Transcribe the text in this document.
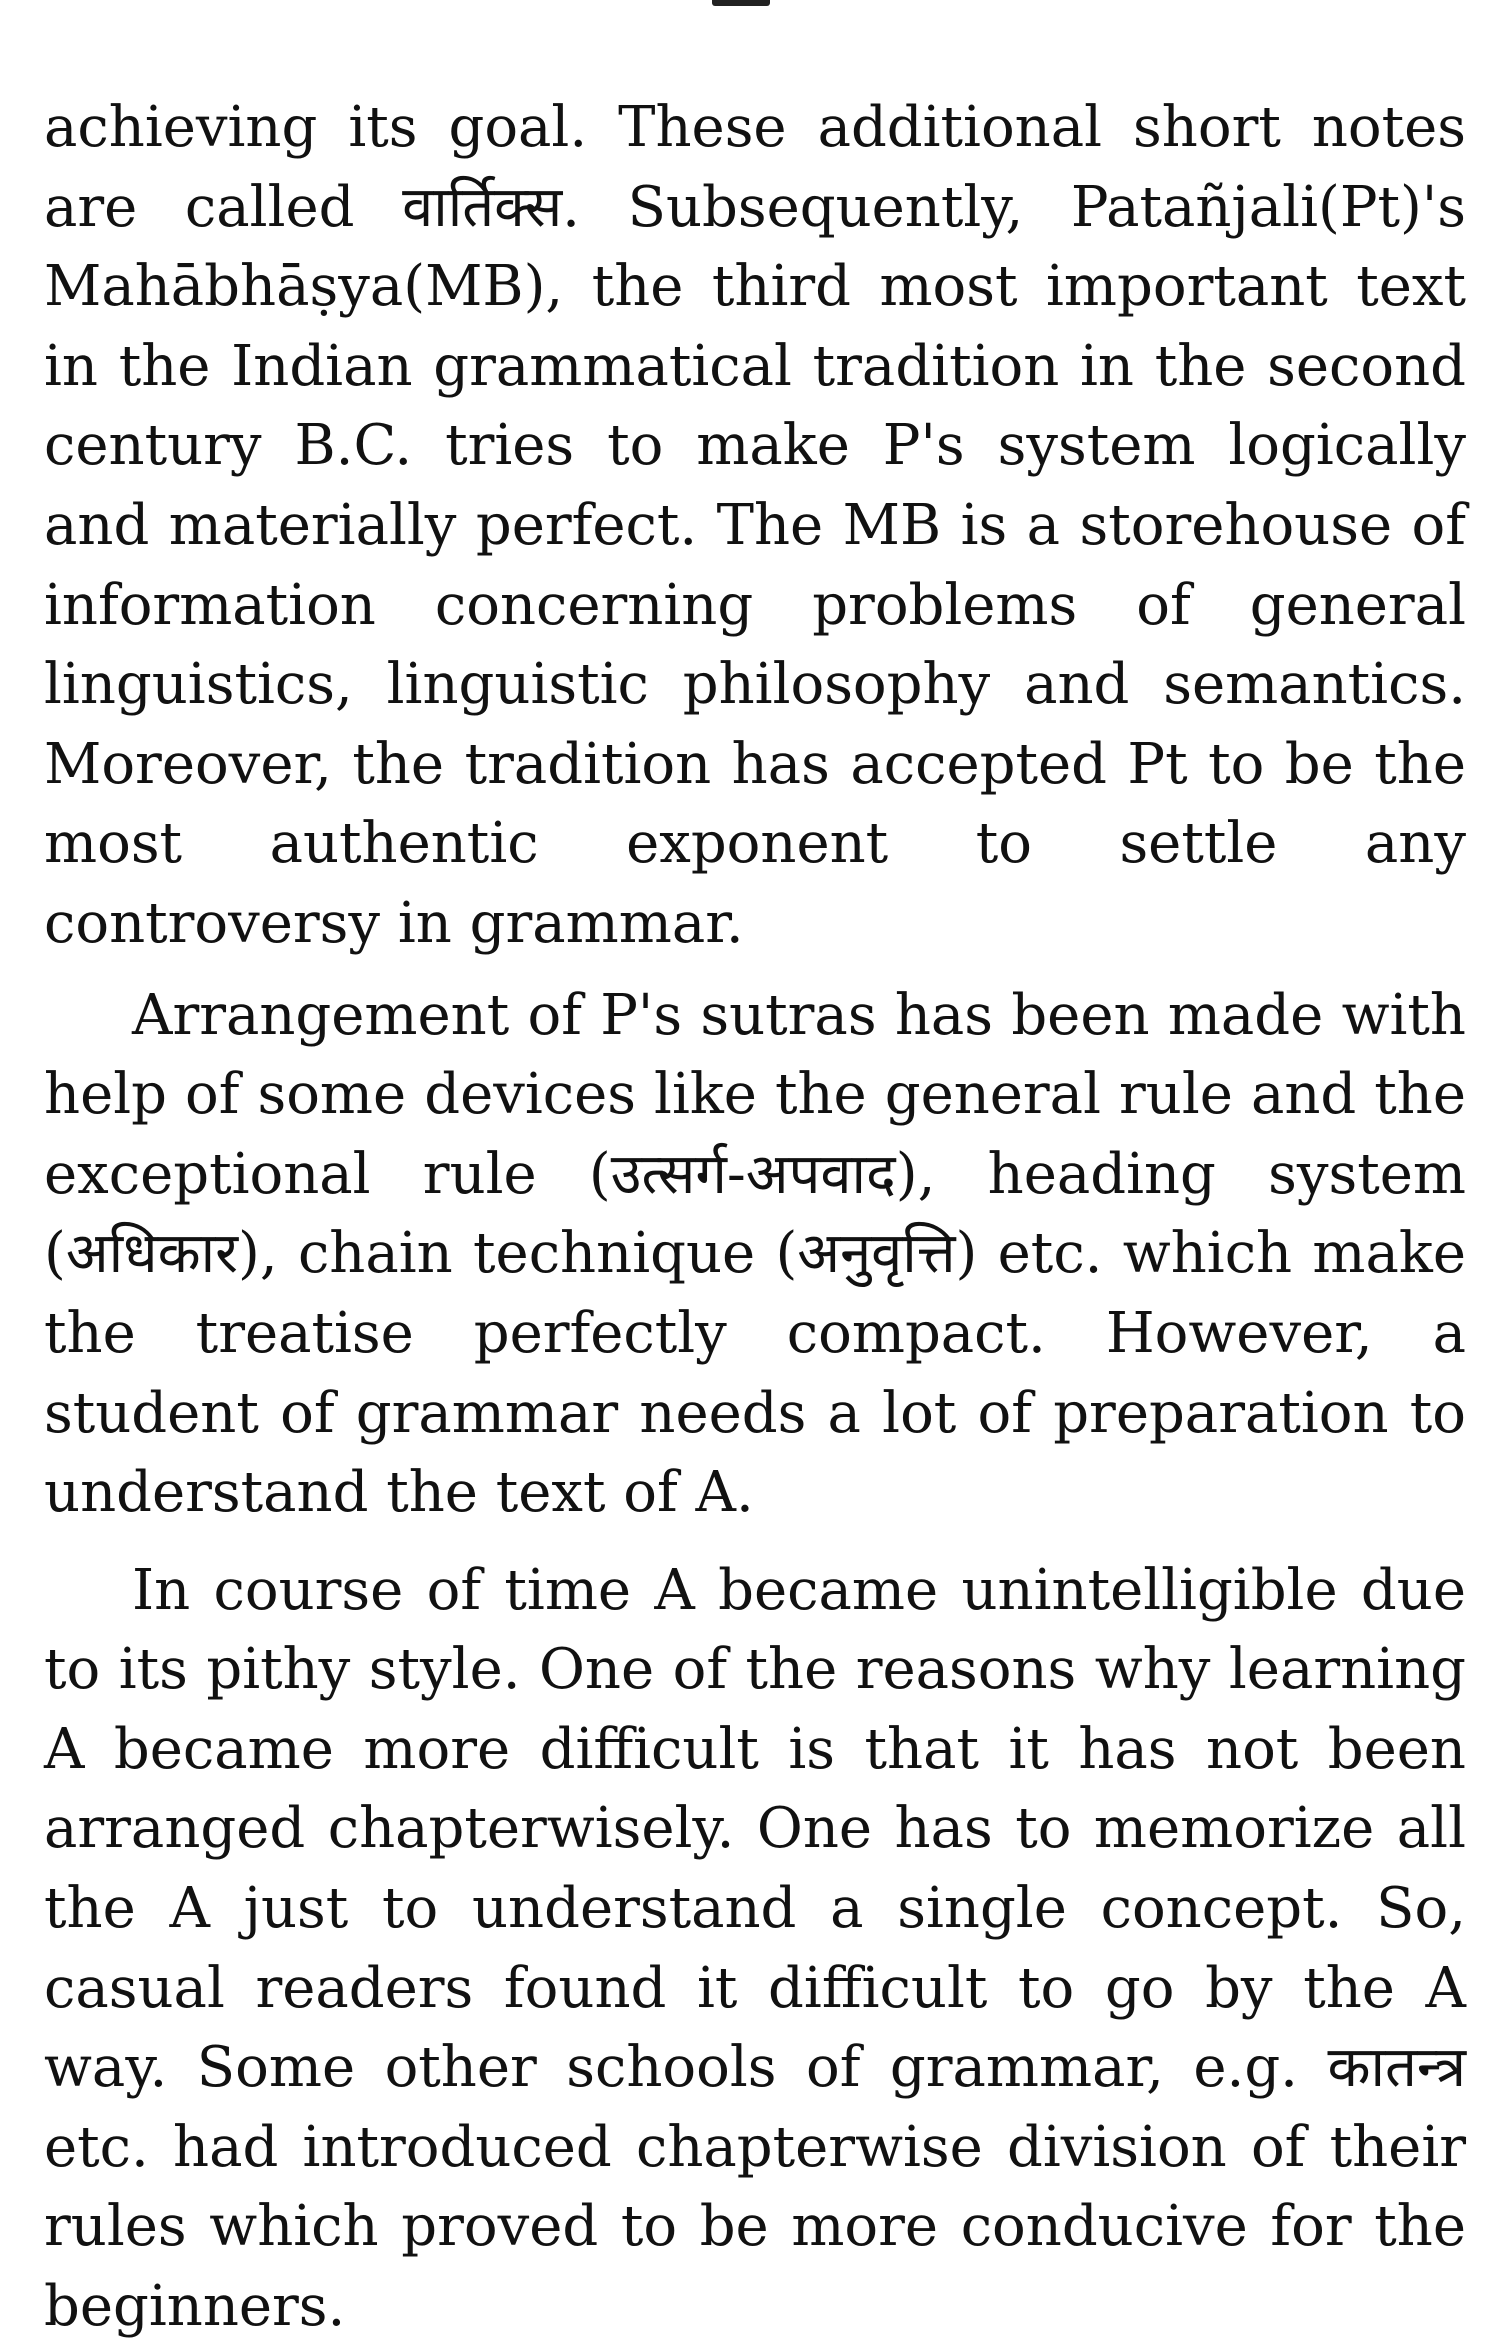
achieving its goal. These additional short notes are called वार्तिक्स. Subsequently, Patañjali(Pt)'s Mahābhāṣya(MB), the third most important text in the Indian grammatical tradition in the second century B.C. tries to make P's system logically and materially perfect. The MB is a storehouse of information concerning problems of general linguistics, linguistic philosophy and semantics. Moreover, the tradition has accepted Pt to be the most authentic exponent to settle any controversy in grammar.

Arrangement of P's sutras has been made with help of some devices like the general rule and the exceptional rule (उत्सर्ग-अपवाद), heading system (अधिकार), chain technique (अनुवृत्ति) etc. which make the treatise perfectly compact. However, a student of grammar needs a lot of preparation to understand the text of A.

In course of time A became unintelligible due to its pithy style. One of the reasons why learning A became more difficult is that it has not been arranged chapterwisely. One has to memorize all the A just to understand a single concept. So, casual readers found it difficult to go by the A way. Some other schools of grammar, e.g. कातन्त्र etc. had introduced chapterwise division of their rules which proved to be more conducive for the beginners.
